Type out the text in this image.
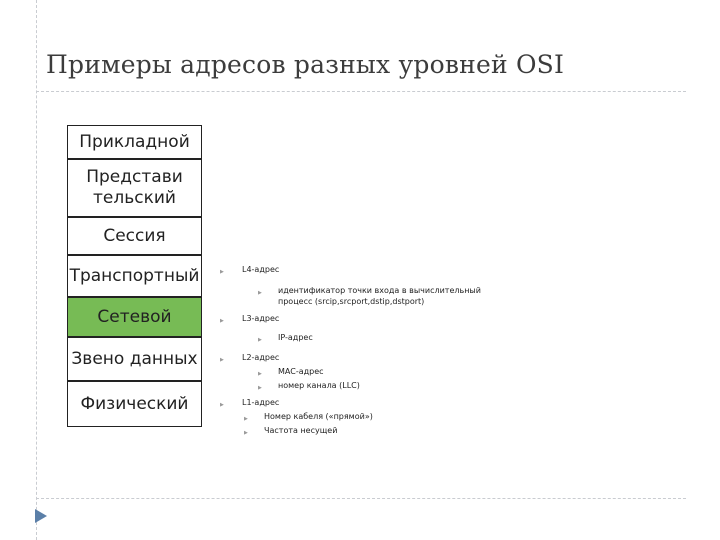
Примеры адресов разных уровней OSI
Прикладной
Представи
тельский
Сессия
Транспортный
Сетевой
Звено данных
Физический
▶ L4-адрес
▶ идентификатор точки входа в вычислительный процесс (srcip,srcport,dstip,dstport)
▶ L3-адрес
▶ IP-адрес
▶ L2-адрес
▶ MAC-адрес
▶ номер канала (LLC)
▶ L1-адрес
▶ Номер кабеля («прямой»)
▶ Частота несущей
